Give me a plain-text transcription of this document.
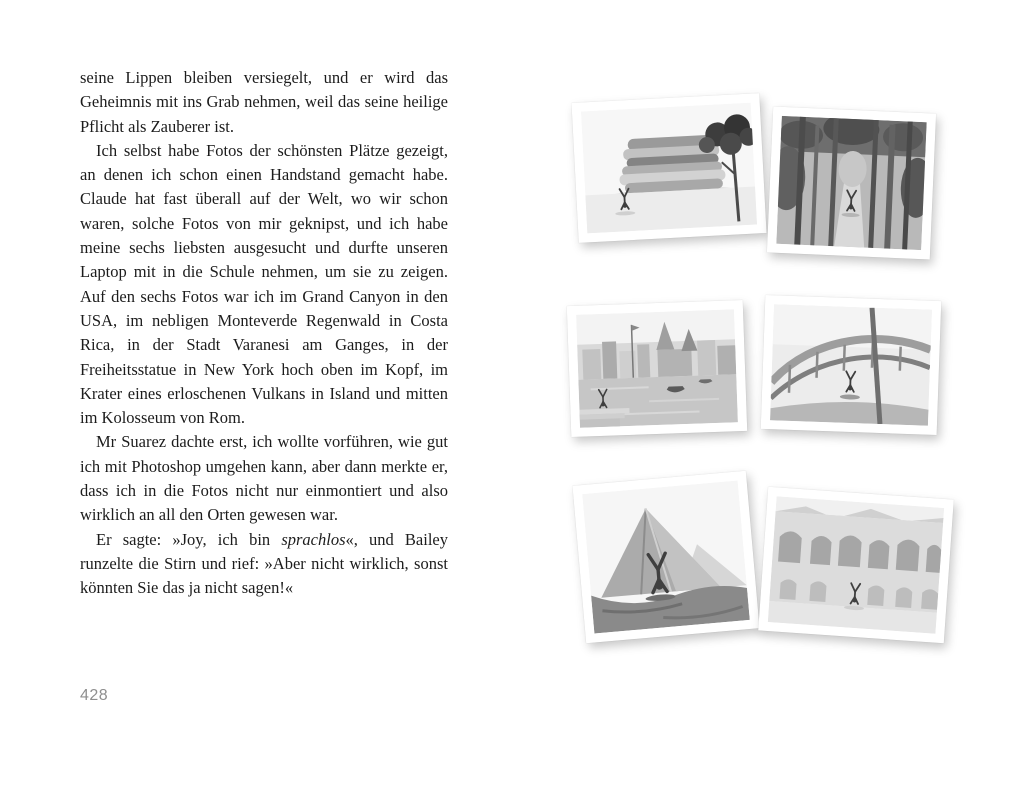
seine Lippen bleiben versiegelt, und er wird das Geheimnis mit ins Grab nehmen, weil das seine heilige Pflicht als Zauberer ist.

Ich selbst habe Fotos der schönsten Plätze gezeigt, an denen ich schon einen Handstand gemacht habe. Claude hat fast überall auf der Welt, wo wir schon waren, solche Fotos von mir geknipst, und ich habe meine sechs liebsten ausgesucht und durfte unseren Laptop mit in die Schule nehmen, um sie zu zeigen. Auf den sechs Fotos war ich im Grand Canyon in den USA, im nebligen Monteverde Regenwald in Costa Rica, in der Stadt Varanesi am Ganges, in der Freiheitsstatue in New York hoch oben im Kopf, im Krater eines erloschenen Vulkans in Island und mitten im Kolosseum von Rom.

Mr Suarez dachte erst, ich wollte vorführen, wie gut ich mit Photoshop umgehen kann, aber dann merkte er, dass ich in die Fotos nicht nur einmontiert und also wirklich an all den Orten gewesen war.

Er sagte: »Joy, ich bin sprachlos«, und Bailey runzelte die Stirn und rief: »Aber nicht wirklich, sonst könnten Sie das ja nicht sagen!«

428
